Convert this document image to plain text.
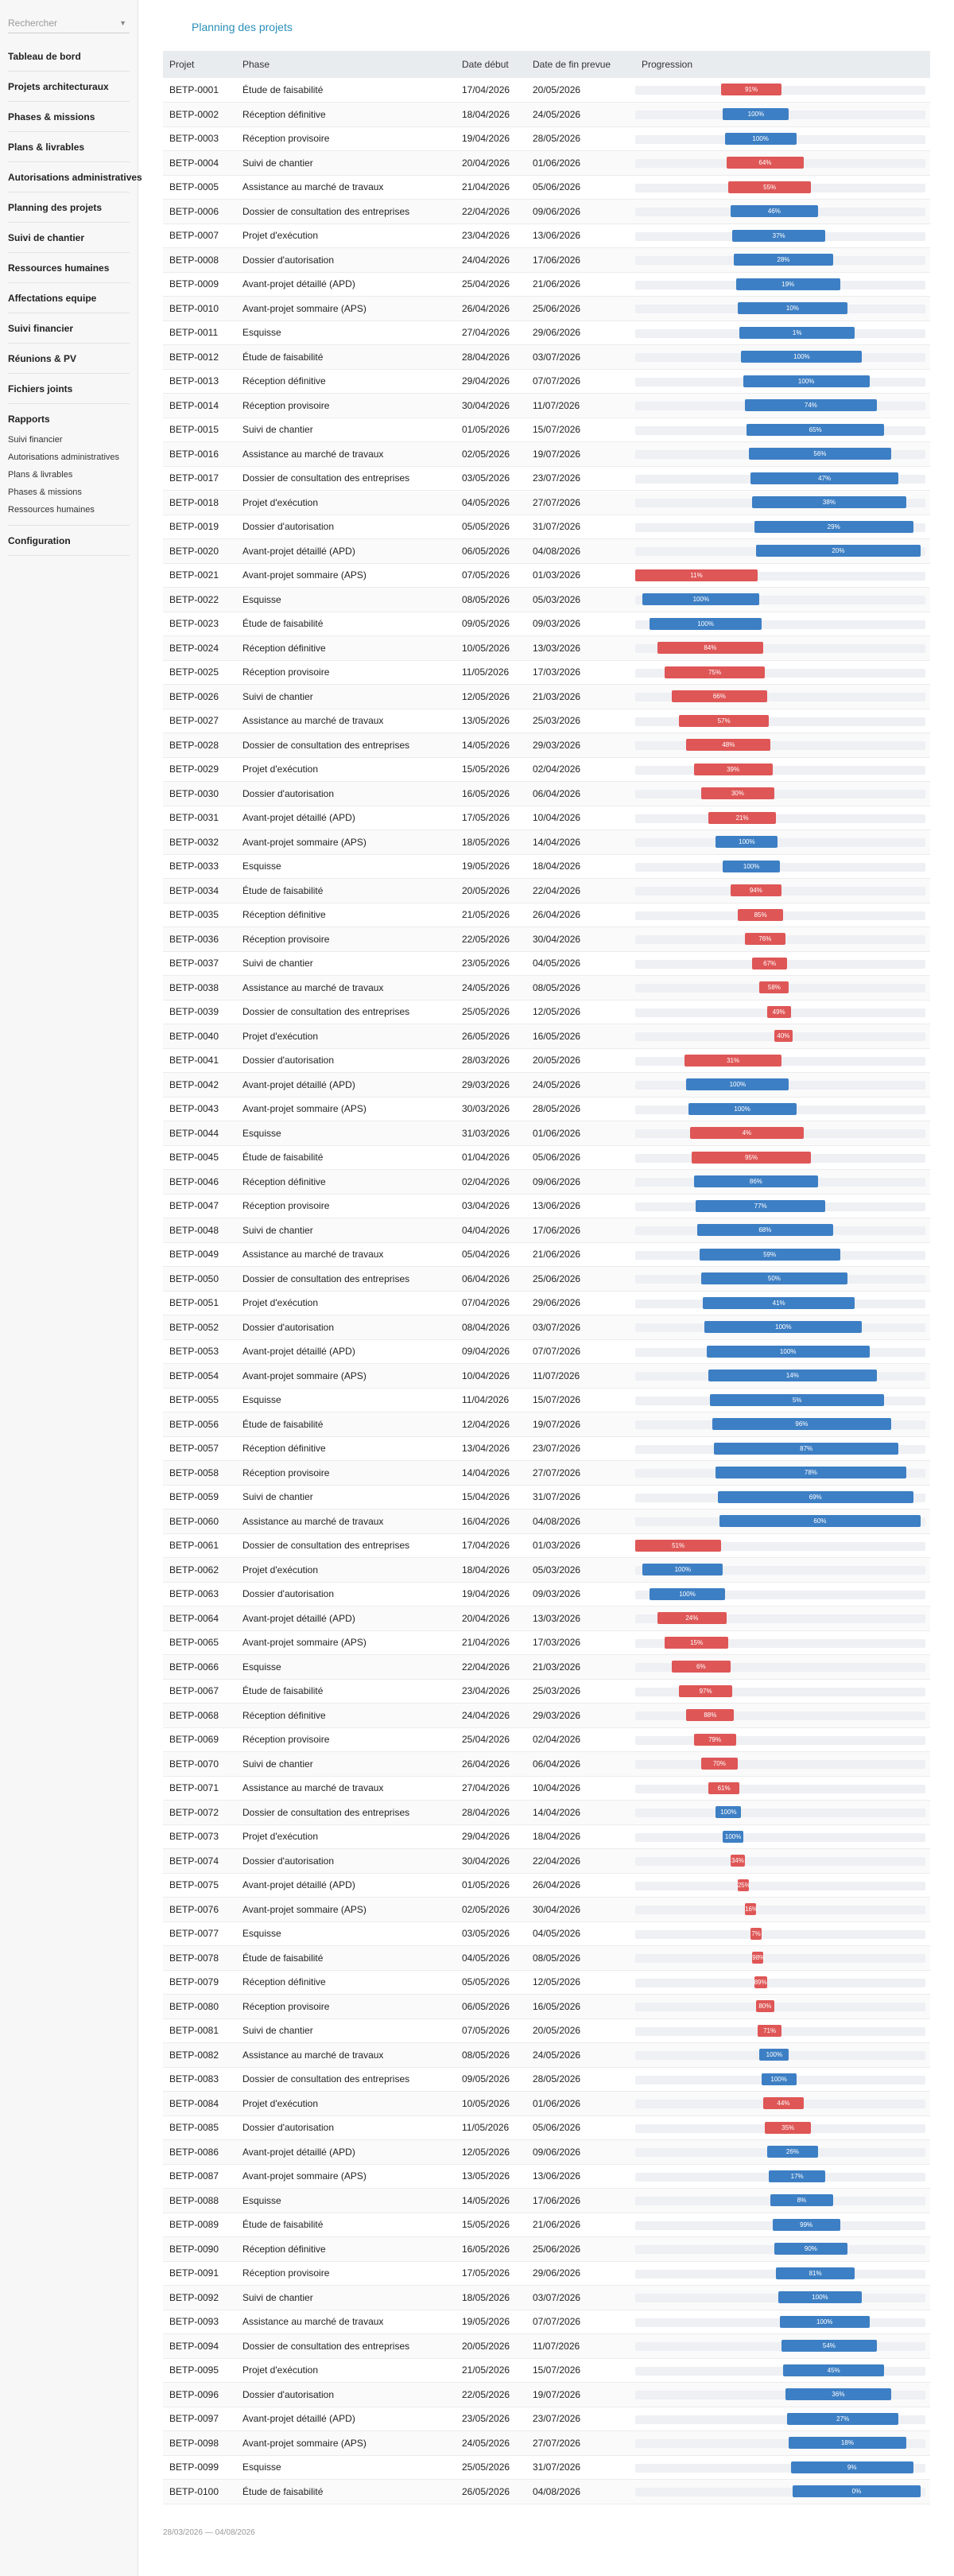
Rechercher	▼
Tableau de bord
Projets architecturaux
Phases & missions
Plans & livrables
Autorisations administratives
Planning des projets
Suivi de chantier
Ressources humaines
Affectations equipe
Suivi financier
Réunions & PV
Fichiers joints
Rapports
Suivi financier
Autorisations administratives
Plans & livrables
Phases & missions
Ressources humaines
Configuration
Planning des projets
Projet	Phase	Date début	Date de fin prevue	Progression
BETP-0001	Étude de faisabilité	17/04/2026	20/05/2026	91%

BETP-0002	Réception définitive	18/04/2026	24/05/2026	100%

BETP-0003	Réception provisoire	19/04/2026	28/05/2026	100%

BETP-0004	Suivi de chantier	20/04/2026	01/06/2026	64%

BETP-0005	Assistance au marché de travaux	21/04/2026	05/06/2026	55%

BETP-0006	Dossier de consultation des entreprises	22/04/2026	09/06/2026	46%

BETP-0007	Projet d'exécution	23/04/2026	13/06/2026	37%

BETP-0008	Dossier d'autorisation	24/04/2026	17/06/2026	28%

BETP-0009	Avant-projet détaillé (APD)	25/04/2026	21/06/2026	19%

BETP-0010	Avant-projet sommaire (APS)	26/04/2026	25/06/2026	10%

BETP-0011	Esquisse	27/04/2026	29/06/2026	1%

BETP-0012	Étude de faisabilité	28/04/2026	03/07/2026	100%

BETP-0013	Réception définitive	29/04/2026	07/07/2026	100%

BETP-0014	Réception provisoire	30/04/2026	11/07/2026	74%

BETP-0015	Suivi de chantier	01/05/2026	15/07/2026	65%

BETP-0016	Assistance au marché de travaux	02/05/2026	19/07/2026	56%

BETP-0017	Dossier de consultation des entreprises	03/05/2026	23/07/2026	47%

BETP-0018	Projet d'exécution	04/05/2026	27/07/2026	38%

BETP-0019	Dossier d'autorisation	05/05/2026	31/07/2026	29%

BETP-0020	Avant-projet détaillé (APD)	06/05/2026	04/08/2026	20%

BETP-0021	Avant-projet sommaire (APS)	07/05/2026	01/03/2026	11%

BETP-0022	Esquisse	08/05/2026	05/03/2026	100%

BETP-0023	Étude de faisabilité	09/05/2026	09/03/2026	100%

BETP-0024	Réception définitive	10/05/2026	13/03/2026	84%

BETP-0025	Réception provisoire	11/05/2026	17/03/2026	75%

BETP-0026	Suivi de chantier	12/05/2026	21/03/2026	66%

BETP-0027	Assistance au marché de travaux	13/05/2026	25/03/2026	57%

BETP-0028	Dossier de consultation des entreprises	14/05/2026	29/03/2026	48%

BETP-0029	Projet d'exécution	15/05/2026	02/04/2026	39%

BETP-0030	Dossier d'autorisation	16/05/2026	06/04/2026	30%

BETP-0031	Avant-projet détaillé (APD)	17/05/2026	10/04/2026	21%

BETP-0032	Avant-projet sommaire (APS)	18/05/2026	14/04/2026	100%

BETP-0033	Esquisse	19/05/2026	18/04/2026	100%

BETP-0034	Étude de faisabilité	20/05/2026	22/04/2026	94%

BETP-0035	Réception définitive	21/05/2026	26/04/2026	85%

BETP-0036	Réception provisoire	22/05/2026	30/04/2026	76%

BETP-0037	Suivi de chantier	23/05/2026	04/05/2026	67%

BETP-0038	Assistance au marché de travaux	24/05/2026	08/05/2026	58%

BETP-0039	Dossier de consultation des entreprises	25/05/2026	12/05/2026	49%

BETP-0040	Projet d'exécution	26/05/2026	16/05/2026	40%

BETP-0041	Dossier d'autorisation	28/03/2026	20/05/2026	31%

BETP-0042	Avant-projet détaillé (APD)	29/03/2026	24/05/2026	100%

BETP-0043	Avant-projet sommaire (APS)	30/03/2026	28/05/2026	100%

BETP-0044	Esquisse	31/03/2026	01/06/2026	4%

BETP-0045	Étude de faisabilité	01/04/2026	05/06/2026	95%

BETP-0046	Réception définitive	02/04/2026	09/06/2026	86%

BETP-0047	Réception provisoire	03/04/2026	13/06/2026	77%

BETP-0048	Suivi de chantier	04/04/2026	17/06/2026	68%

BETP-0049	Assistance au marché de travaux	05/04/2026	21/06/2026	59%

BETP-0050	Dossier de consultation des entreprises	06/04/2026	25/06/2026	50%

BETP-0051	Projet d'exécution	07/04/2026	29/06/2026	41%

BETP-0052	Dossier d'autorisation	08/04/2026	03/07/2026	100%

BETP-0053	Avant-projet détaillé (APD)	09/04/2026	07/07/2026	100%

BETP-0054	Avant-projet sommaire (APS)	10/04/2026	11/07/2026	14%

BETP-0055	Esquisse	11/04/2026	15/07/2026	5%

BETP-0056	Étude de faisabilité	12/04/2026	19/07/2026	96%

BETP-0057	Réception définitive	13/04/2026	23/07/2026	87%

BETP-0058	Réception provisoire	14/04/2026	27/07/2026	78%

BETP-0059	Suivi de chantier	15/04/2026	31/07/2026	69%

BETP-0060	Assistance au marché de travaux	16/04/2026	04/08/2026	60%

BETP-0061	Dossier de consultation des entreprises	17/04/2026	01/03/2026	51%

BETP-0062	Projet d'exécution	18/04/2026	05/03/2026	100%

BETP-0063	Dossier d'autorisation	19/04/2026	09/03/2026	100%

BETP-0064	Avant-projet détaillé (APD)	20/04/2026	13/03/2026	24%

BETP-0065	Avant-projet sommaire (APS)	21/04/2026	17/03/2026	15%

BETP-0066	Esquisse	22/04/2026	21/03/2026	6%

BETP-0067	Étude de faisabilité	23/04/2026	25/03/2026	97%

BETP-0068	Réception définitive	24/04/2026	29/03/2026	88%

BETP-0069	Réception provisoire	25/04/2026	02/04/2026	79%

BETP-0070	Suivi de chantier	26/04/2026	06/04/2026	70%

BETP-0071	Assistance au marché de travaux	27/04/2026	10/04/2026	61%

BETP-0072	Dossier de consultation des entreprises	28/04/2026	14/04/2026	100%

BETP-0073	Projet d'exécution	29/04/2026	18/04/2026	100%

BETP-0074	Dossier d'autorisation	30/04/2026	22/04/2026	34%

BETP-0075	Avant-projet détaillé (APD)	01/05/2026	26/04/2026	25%

BETP-0076	Avant-projet sommaire (APS)	02/05/2026	30/04/2026	16%

BETP-0077	Esquisse	03/05/2026	04/05/2026	7%

BETP-0078	Étude de faisabilité	04/05/2026	08/05/2026	98%

BETP-0079	Réception définitive	05/05/2026	12/05/2026	89%

BETP-0080	Réception provisoire	06/05/2026	16/05/2026	80%

BETP-0081	Suivi de chantier	07/05/2026	20/05/2026	71%

BETP-0082	Assistance au marché de travaux	08/05/2026	24/05/2026	100%

BETP-0083	Dossier de consultation des entreprises	09/05/2026	28/05/2026	100%

BETP-0084	Projet d'exécution	10/05/2026	01/06/2026	44%

BETP-0085	Dossier d'autorisation	11/05/2026	05/06/2026	35%

BETP-0086	Avant-projet détaillé (APD)	12/05/2026	09/06/2026	26%

BETP-0087	Avant-projet sommaire (APS)	13/05/2026	13/06/2026	17%

BETP-0088	Esquisse	14/05/2026	17/06/2026	8%

BETP-0089	Étude de faisabilité	15/05/2026	21/06/2026	99%

BETP-0090	Réception définitive	16/05/2026	25/06/2026	90%

BETP-0091	Réception provisoire	17/05/2026	29/06/2026	81%

BETP-0092	Suivi de chantier	18/05/2026	03/07/2026	100%

BETP-0093	Assistance au marché de travaux	19/05/2026	07/07/2026	100%

BETP-0094	Dossier de consultation des entreprises	20/05/2026	11/07/2026	54%

BETP-0095	Projet d'exécution	21/05/2026	15/07/2026	45%

BETP-0096	Dossier d'autorisation	22/05/2026	19/07/2026	36%

BETP-0097	Avant-projet détaillé (APD)	23/05/2026	23/07/2026	27%

BETP-0098	Avant-projet sommaire (APS)	24/05/2026	27/07/2026	18%

BETP-0099	Esquisse	25/05/2026	31/07/2026	9%

BETP-0100	Étude de faisabilité	26/05/2026	04/08/2026	0%
28/03/2026 — 04/08/2026
